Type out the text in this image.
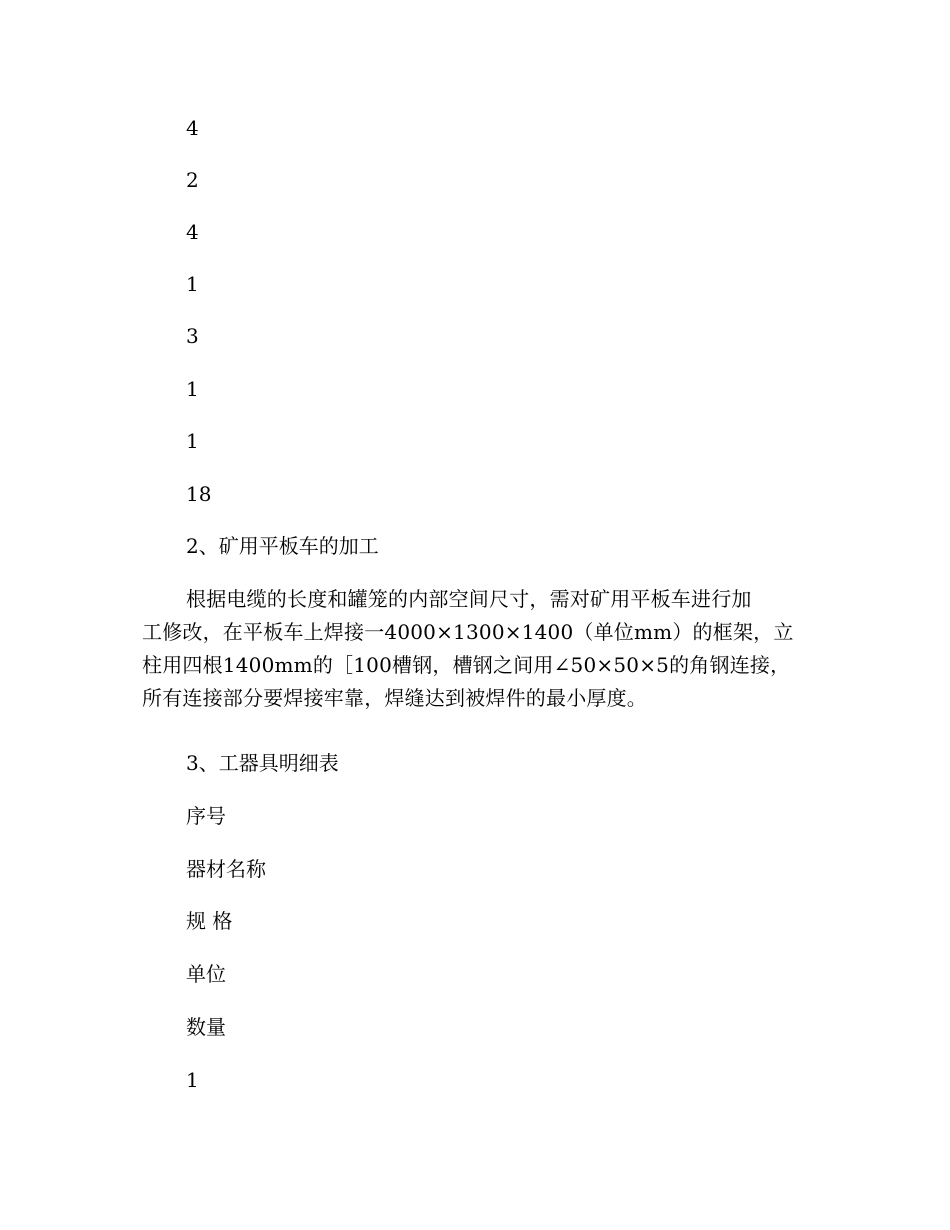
4
2
4
1
3
1
1
18
2、矿用平板车的加工
根据电缆的长度和罐笼的内部空间尺寸，需对矿用平板车进行加
工修改，在平板车上焊接一4000×1300×1400（单位mm）的框架，立
柱用四根1400mm的［100槽钢，槽钢之间用∠50×50×5的角钢连接，
所有连接部分要焊接牢靠，焊缝达到被焊件的最小厚度。
3、工器具明细表
序号
器材名称
规 格
单位
数量
1
